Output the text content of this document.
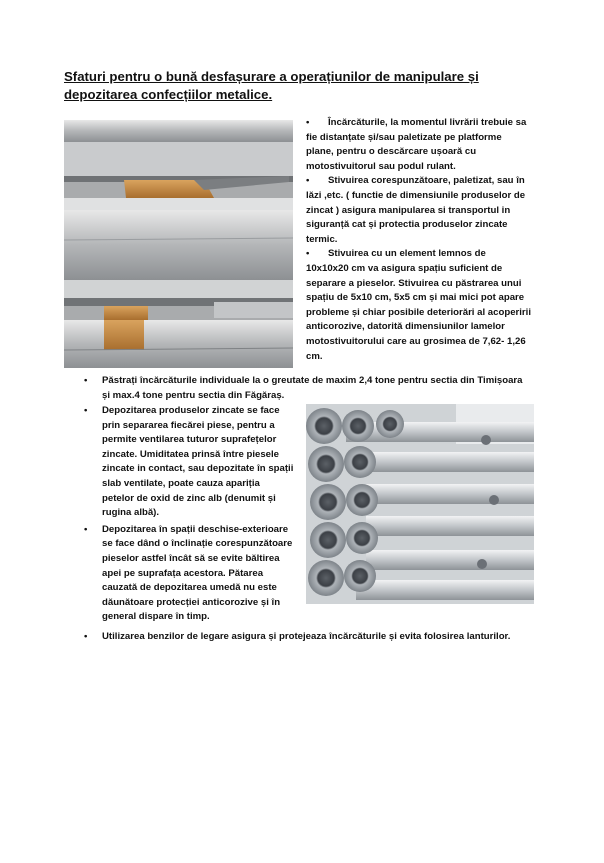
Sfaturi pentru o bună desfașurare a operațiunilor de manipulare și
depozitarea confecțiilor metalice.
• Încărcăturile, la momentul livrării trebuie sa
fie distanțate și/sau paletizate pe platforme
plane, pentru o descărcare ușoară cu
motostivuitorul sau podul rulant.
• Stivuirea corespunzătoare, paletizat, sau în
lăzi ,etc. ( functie de dimensiunile produselor de
zincat ) asigura manipularea si transportul in
siguranță cat și protectia produselor zincate
termic.
• Stivuirea cu un element lemnos de
10x10x20 cm va asigura spațiu suficient de
separare a pieselor. Stivuirea cu păstrarea unui
spațiu de 5x10 cm, 5x5 cm și mai mici pot apare
probleme și chiar posibile deteriorări al acoperirii
anticorozive, datorită dimensiunilor lamelor
motostivuitorului care au grosimea de 7,62- 1,26
cm.
•	Păstrați încărcăturile individuale la o greutate de maxim 2,4 tone pentru sectia din Timișoara
și max.4 tone pentru sectia din Făgăraș.
•	Depozitarea produselor zincate se face
prin separarea fiecărei piese, pentru a
permite ventilarea tuturor suprafețelor
zincate. Umiditatea prinsă între piesele
zincate in contact, sau depozitate în spații
slab ventilate, poate cauza apariția
petelor de oxid de zinc alb (denumit și
rugina albă).
•	Depozitarea în spații deschise-exterioare
se face dând o înclinație corespunzătoare
pieselor astfel încât să se evite băltirea
apei pe suprafața acestora. Pătarea
cauzată de depozitarea umedă nu este
dăunătoare protecției anticorozive și în
general dispare în timp.
•	Utilizarea benzilor de legare asigura și protejeaza încărcăturile și evita folosirea lanturilor.
